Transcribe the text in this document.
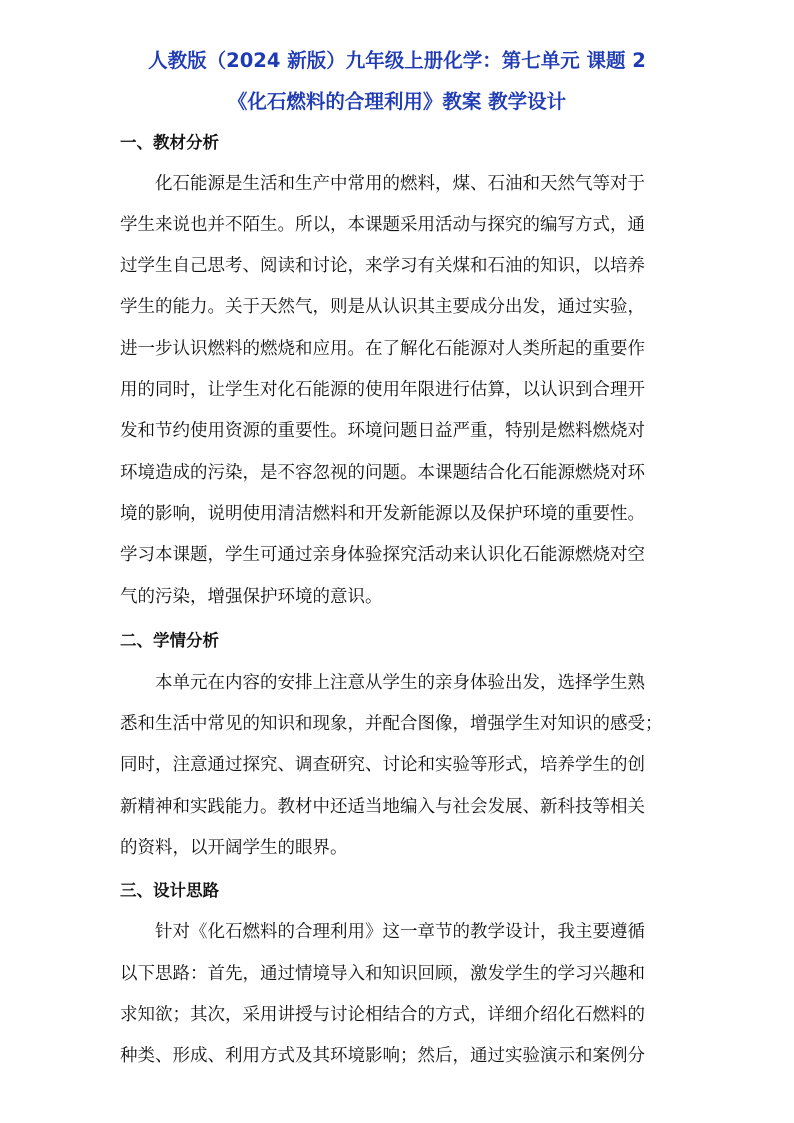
人教版（2024 新版）九年级上册化学：第七单元 课题 2
《化石燃料的合理利用》教案 教学设计
一、教材分析
化石能源是生活和生产中常用的燃料，煤、石油和天然气等对于
学生来说也并不陌生。所以，本课题采用活动与探究的编写方式，通
过学生自己思考、阅读和讨论，来学习有关煤和石油的知识，以培养
学生的能力。关于天然气，则是从认识其主要成分出发，通过实验，
进一步认识燃料的燃烧和应用。在了解化石能源对人类所起的重要作
用的同时，让学生对化石能源的使用年限进行估算，以认识到合理开
发和节约使用资源的重要性。环境问题日益严重，特别是燃料燃烧对
环境造成的污染，是不容忽视的问题。本课题结合化石能源燃烧对环
境的影响，说明使用清洁燃料和开发新能源以及保护环境的重要性。
学习本课题，学生可通过亲身体验探究活动来认识化石能源燃烧对空
气的污染，增强保护环境的意识。
二、学情分析
本单元在内容的安排上注意从学生的亲身体验出发，选择学生熟
悉和生活中常见的知识和现象，并配合图像，增强学生对知识的感受；
同时，注意通过探究、调查研究、讨论和实验等形式，培养学生的创
新精神和实践能力。教材中还适当地编入与社会发展、新科技等相关
的资料，以开阔学生的眼界。
三、设计思路
针对《化石燃料的合理利用》这一章节的教学设计，我主要遵循
以下思路：首先，通过情境导入和知识回顾，激发学生的学习兴趣和
求知欲；其次，采用讲授与讨论相结合的方式，详细介绍化石燃料的
种类、形成、利用方式及其环境影响；然后，通过实验演示和案例分
